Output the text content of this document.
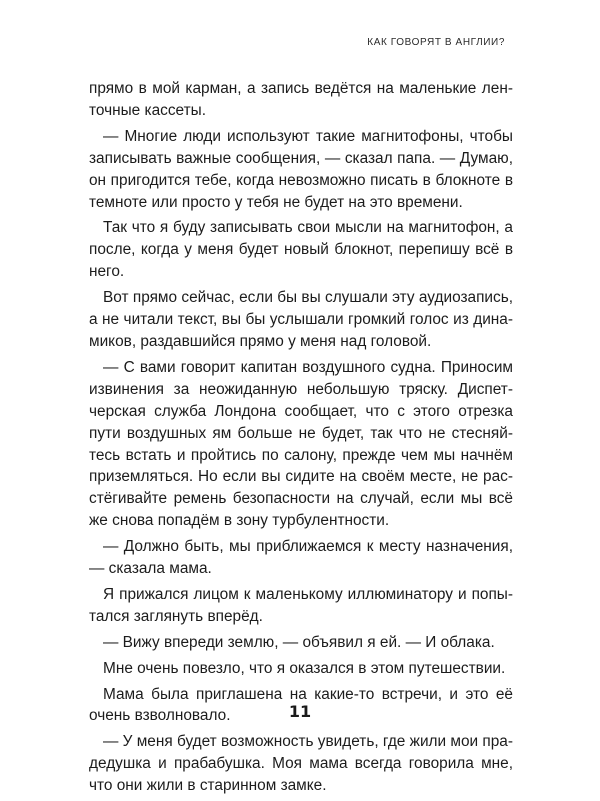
КАК ГОВОРЯТ В АНГЛИИ?

прямо в мой карман, а запись ведётся на маленькие ленточные кассеты.

— Многие люди используют такие магнитофоны, чтобы записывать важные сообщения, — сказал папа. — Думаю, он пригодится тебе, когда невозможно писать в блокноте в темноте или просто у тебя не будет на это времени.

Так что я буду записывать свои мысли на магнитофон, а после, когда у меня будет новый блокнот, перепишу всё в него.

Вот прямо сейчас, если бы вы слушали эту аудиозапись, а не читали текст, вы бы услышали громкий голос из динамиков, раздавшийся прямо у меня над головой.

— С вами говорит капитан воздушного судна. Приносим извинения за неожиданную небольшую тряску. Диспетчерская служба Лондона сообщает, что с этого отрезка пути воздушных ям больше не будет, так что не стесняйтесь встать и пройтись по салону, прежде чем мы начнём приземляться. Но если вы сидите на своём месте, не расстёгивайте ремень безопасности на случай, если мы всё же снова попадём в зону турбулентности.

— Должно быть, мы приближаемся к месту назначения, — сказала мама.

Я прижался лицом к маленькому иллюминатору и попытался заглянуть вперёд.

— Вижу впереди землю, — объявил я ей. — И облака.

Мне очень повезло, что я оказался в этом путешествии.

Мама была приглашена на какие-то встречи, и это её очень взволновало.

— У меня будет возможность увидеть, где жили мои прадедушка и прабабушка. Моя мама всегда говорила мне, что они жили в старинном замке.

11
